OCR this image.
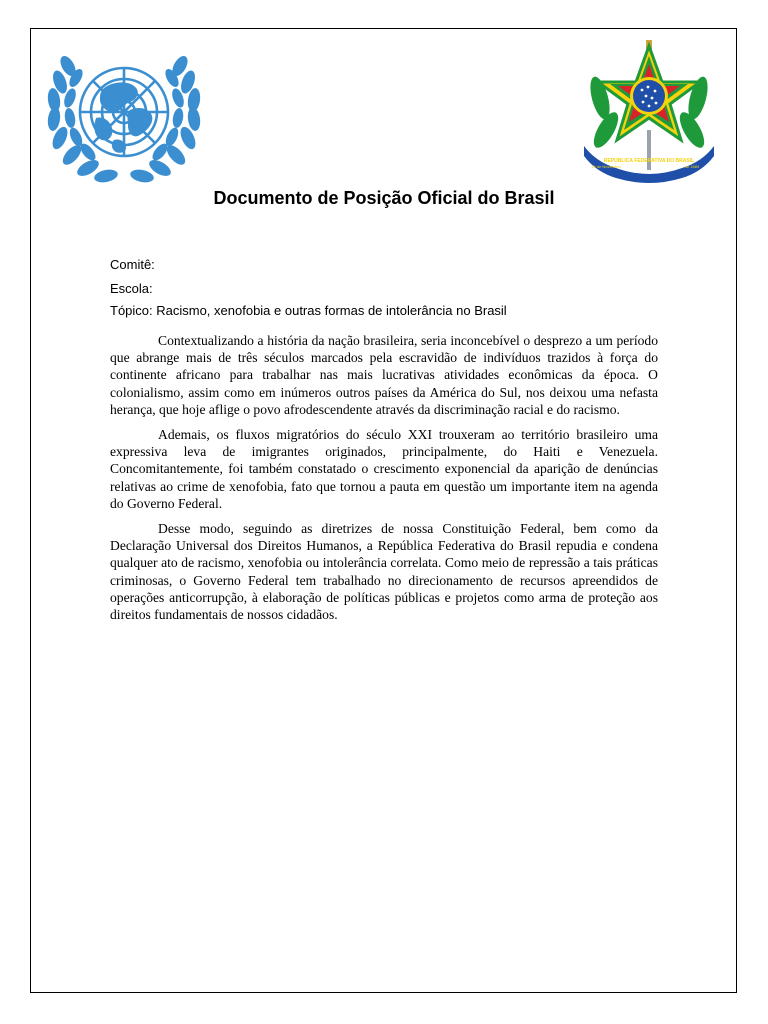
REPÚBLICA FEDERATIVA DO BRASIL
15 de Novembro	de 1889
Documento de Posição Oficial do Brasil
Comitê:
Escola:
Tópico: Racismo, xenofobia e outras formas de intolerância no Brasil

Contextualizando a história da nação brasileira, seria inconcebível o desprezo a um período que abrange mais de três séculos marcados pela escravidão de indivíduos trazidos à força do continente africano para trabalhar nas mais lucrativas atividades econômicas da época. O colonialismo, assim como em inúmeros outros países da América do Sul, nos deixou uma nefasta herança, que hoje aflige o povo afrodescendente através da discriminação racial e do racismo.

Ademais, os fluxos migratórios do século XXI trouxeram ao território brasileiro uma expressiva leva de imigrantes originados, principalmente, do Haiti e Venezuela. Concomitantemente, foi também constatado o crescimento exponencial da aparição de denúncias relativas ao crime de xenofobia, fato que tornou a pauta em questão um importante item na agenda do Governo Federal.

Desse modo, seguindo as diretrizes de nossa Constituição Federal, bem como da Declaração Universal dos Direitos Humanos, a República Federativa do Brasil repudia e condena qualquer ato de racismo, xenofobia ou intolerância correlata. Como meio de repressão a tais práticas criminosas, o Governo Federal tem trabalhado no direcionamento de recursos apreendidos de operações anticorrupção, à elaboração de políticas públicas e projetos como arma de proteção aos direitos fundamentais de nossos cidadãos.
